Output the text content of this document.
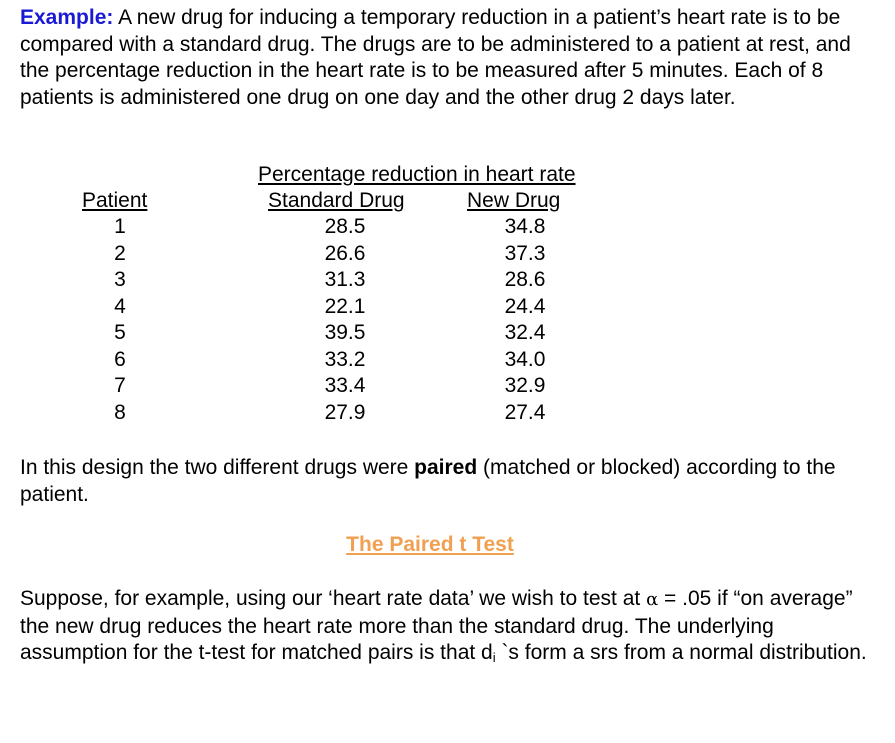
Example: A new drug for inducing a temporary reduction in a patient’s heart rate is to be compared with a standard drug. The drugs are to be administered to a patient at rest, and the percentage reduction in the heart rate is to be measured after 5 minutes. Each of 8 patients is administered one drug on one day and the other drug 2 days later.

Percentage reduction in heart rate
Patient	Standard Drug	New Drug
1
2
3
4
5
6
7
8
28.5
26.6
31.3
22.1
39.5
33.2
33.4
27.9
34.8
37.3
28.6
24.4
32.4
34.0
32.9
27.4

In this design the two different drugs were paired (matched or blocked) according to the patient.

The Paired t Test

Suppose, for example, using our ‘heart rate data’ we wish to test at α = .05 if “on average” the new drug reduces the heart rate more than the standard drug. The underlying assumption for the t-test for matched pairs is that $d_i$ `s form a srs from a normal distribution.
